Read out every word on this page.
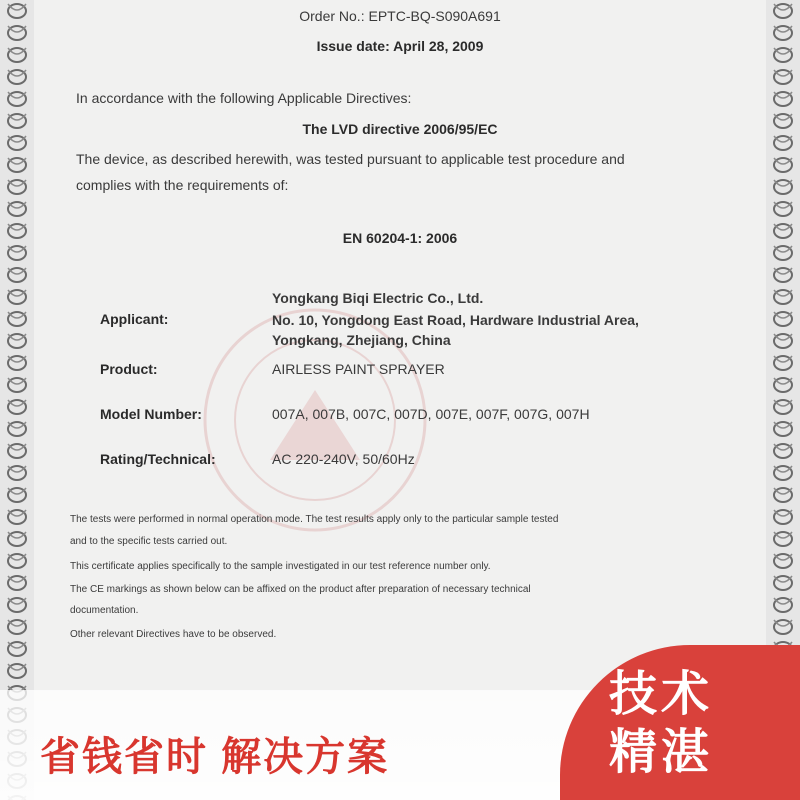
Order No.: EPTC-BQ-S090A691
Issue date: April 28, 2009
In accordance with the following Applicable Directives:
The LVD directive 2006/95/EC
The device, as described herewith, was tested pursuant to applicable test procedure and
complies with the requirements of:
EN 60204-1: 2006
Applicant:
Yongkang Biqi Electric Co., Ltd.
No. 10, Yongdong East Road, Hardware Industrial Area,
Yongkang, Zhejiang, China
Product:	AIRLESS PAINT SPRAYER
Model Number:	007A, 007B, 007C, 007D, 007E, 007F, 007G, 007H
Rating/Technical:	AC 220-240V, 50/60Hz
The tests were performed in normal operation mode. The test results apply only to the particular sample tested
and to the specific tests carried out.
This certificate applies specifically to the sample investigated in our test reference number only.
The CE markings as shown below can be affixed on the product after preparation of necessary technical
documentation.
Other relevant Directives have to be observed.
省钱省时 解决方案
技术
精湛
